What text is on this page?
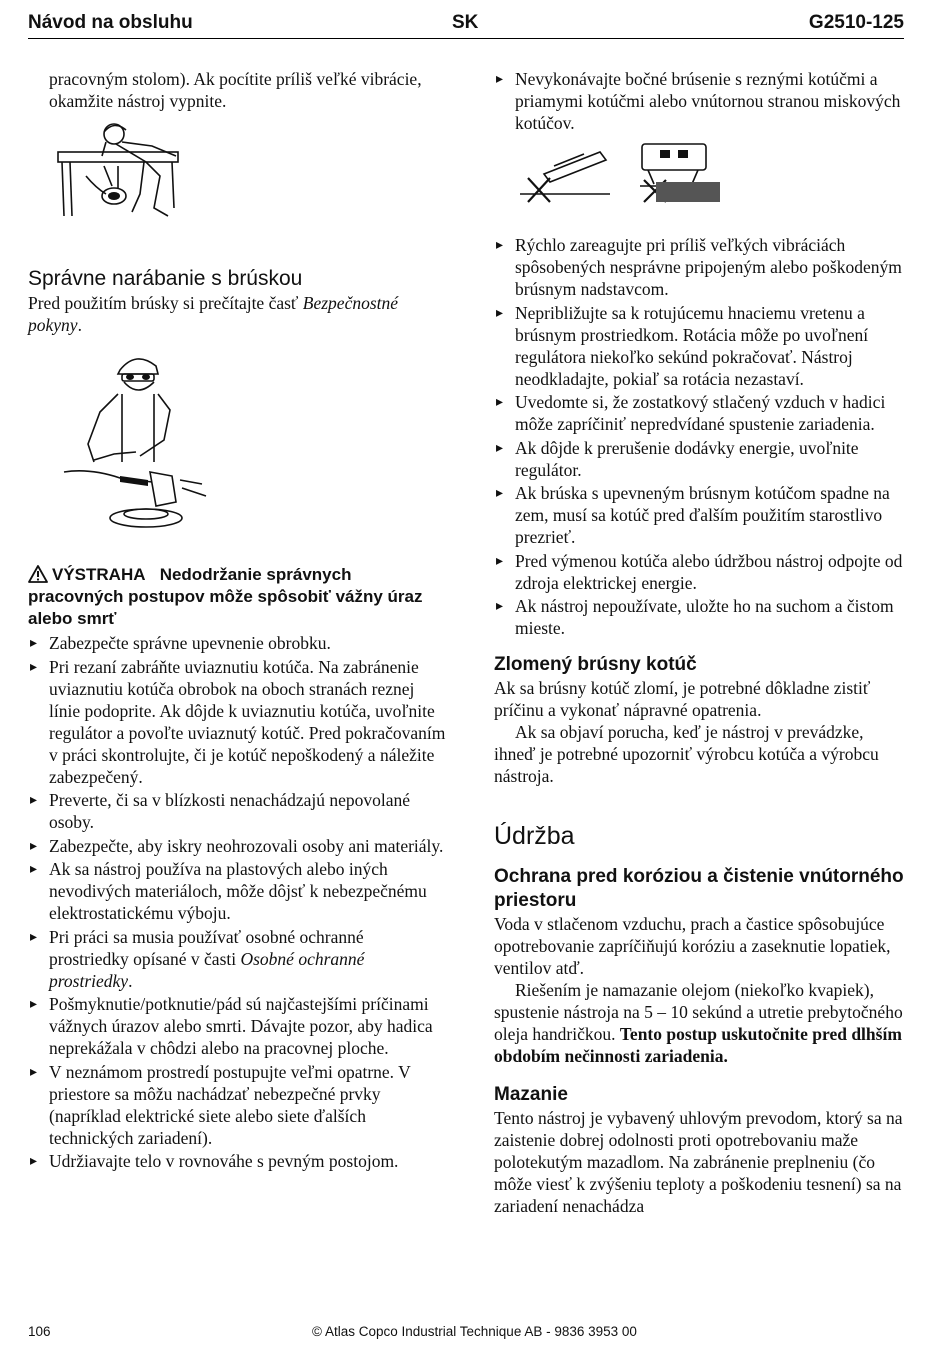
Návod na obsluhu	SK	G2510-125

pracovným stolom). Ak pocítite príliš veľké vibrácie, okamžite nástroj vypnite.

Správne narábanie s brúskou

Pred použitím brúsky si prečítajte časť Bezpečnostné pokyny.

VÝSTRAHA Nedodržanie správnych pracovných postupov môže spôsobiť vážny úraz alebo smrť
▸ Zabezpečte správne upevnenie obrobku.
▸ Pri rezaní zabráňte uviaznutiu kotúča. Na zabránenie uviaznutiu kotúča obrobok na oboch stranách reznej línie podoprite. Ak dôjde k uviaznutiu kotúča, uvoľnite regulátor a povoľte uviaznutý kotúč. Pred pokračovaním v práci skontrolujte, či je kotúč nepoškodený a náležite zabezpečený.
▸ Preverte, či sa v blízkosti nenachádzajú nepovolané osoby.
▸ Zabezpečte, aby iskry neohrozovali osoby ani materiály.
▸ Ak sa nástroj používa na plastových alebo iných nevodivých materiáloch, môže dôjsť k nebezpečnému elektrostatickému výboju.
▸ Pri práci sa musia používať osobné ochranné prostriedky opísané v časti Osobné ochranné prostriedky.
▸ Pošmyknutie/potknutie/pád sú najčastejšími príčinami vážnych úrazov alebo smrti. Dávajte pozor, aby hadica neprekážala v chôdzi alebo na pracovnej ploche.
▸ V neznámom prostredí postupujte veľmi opatrne. V priestore sa môžu nachádzať nebezpečné prvky (napríklad elektrické siete alebo siete ďalších technických zariadení).
▸ Udržiavajte telo v rovnováhe s pevným postojom.
▸ Nevykonávajte bočné brúsenie s reznými kotúčmi a priamymi kotúčmi alebo vnútornou stranou miskových kotúčov.
▸ Rýchlo zareagujte pri príliš veľkých vibráciách spôsobených nesprávne pripojeným alebo poškodeným brúsnym nadstavcom.
▸ Nepribližujte sa k rotujúcemu hnaciemu vretenu a brúsnym prostriedkom. Rotácia môže po uvoľnení regulátora niekoľko sekúnd pokračovať. Nástroj neodkladajte, pokiaľ sa rotácia nezastaví.
▸ Uvedomte si, že zostatkový stlačený vzduch v hadici môže zapríčiniť nepredvídané spustenie zariadenia.
▸ Ak dôjde k prerušenie dodávky energie, uvoľnite regulátor.
▸ Ak brúska s upevneným brúsnym kotúčom spadne na zem, musí sa kotúč pred ďalším použitím starostlivo prezrieť.
▸ Pred výmenou kotúča alebo údržbou nástroj odpojte od zdroja elektrickej energie.
▸ Ak nástroj nepoužívate, uložte ho na suchom a čistom mieste.
Zlomený brúsny kotúč

Ak sa brúsny kotúč zlomí, je potrebné dôkladne zistiť príčinu a vykonať nápravné opatrenia.

Ak sa objaví porucha, keď je nástroj v prevádzke, ihneď je potrebné upozorniť výrobcu kotúča a výrobcu nástroja.

Údržba
Ochrana pred koróziou a čistenie vnútorného priestoru

Voda v stlačenom vzduchu, prach a častice spôsobujúce opotrebovanie zapríčiňujú koróziu a zaseknutie lopatiek, ventilov atď.

Riešením je namazanie olejom (niekoľko kvapiek), spustenie nástroja na 5 – 10 sekúnd a utretie prebytočného oleja handričkou. Tento postup uskutočnite pred dlhším obdobím nečinnosti zariadenia.

Mazanie

Tento nástroj je vybavený uhlovým prevodom, ktorý sa na zaistenie dobrej odolnosti proti opotrebovaniu maže polotekutým mazadlom. Na zabránenie preplneniu (čo môže viesť k zvýšeniu teploty a poškodeniu tesnení) sa na zariadení nenachádza

106	© Atlas Copco Industrial Technique AB - 9836 3953 00
